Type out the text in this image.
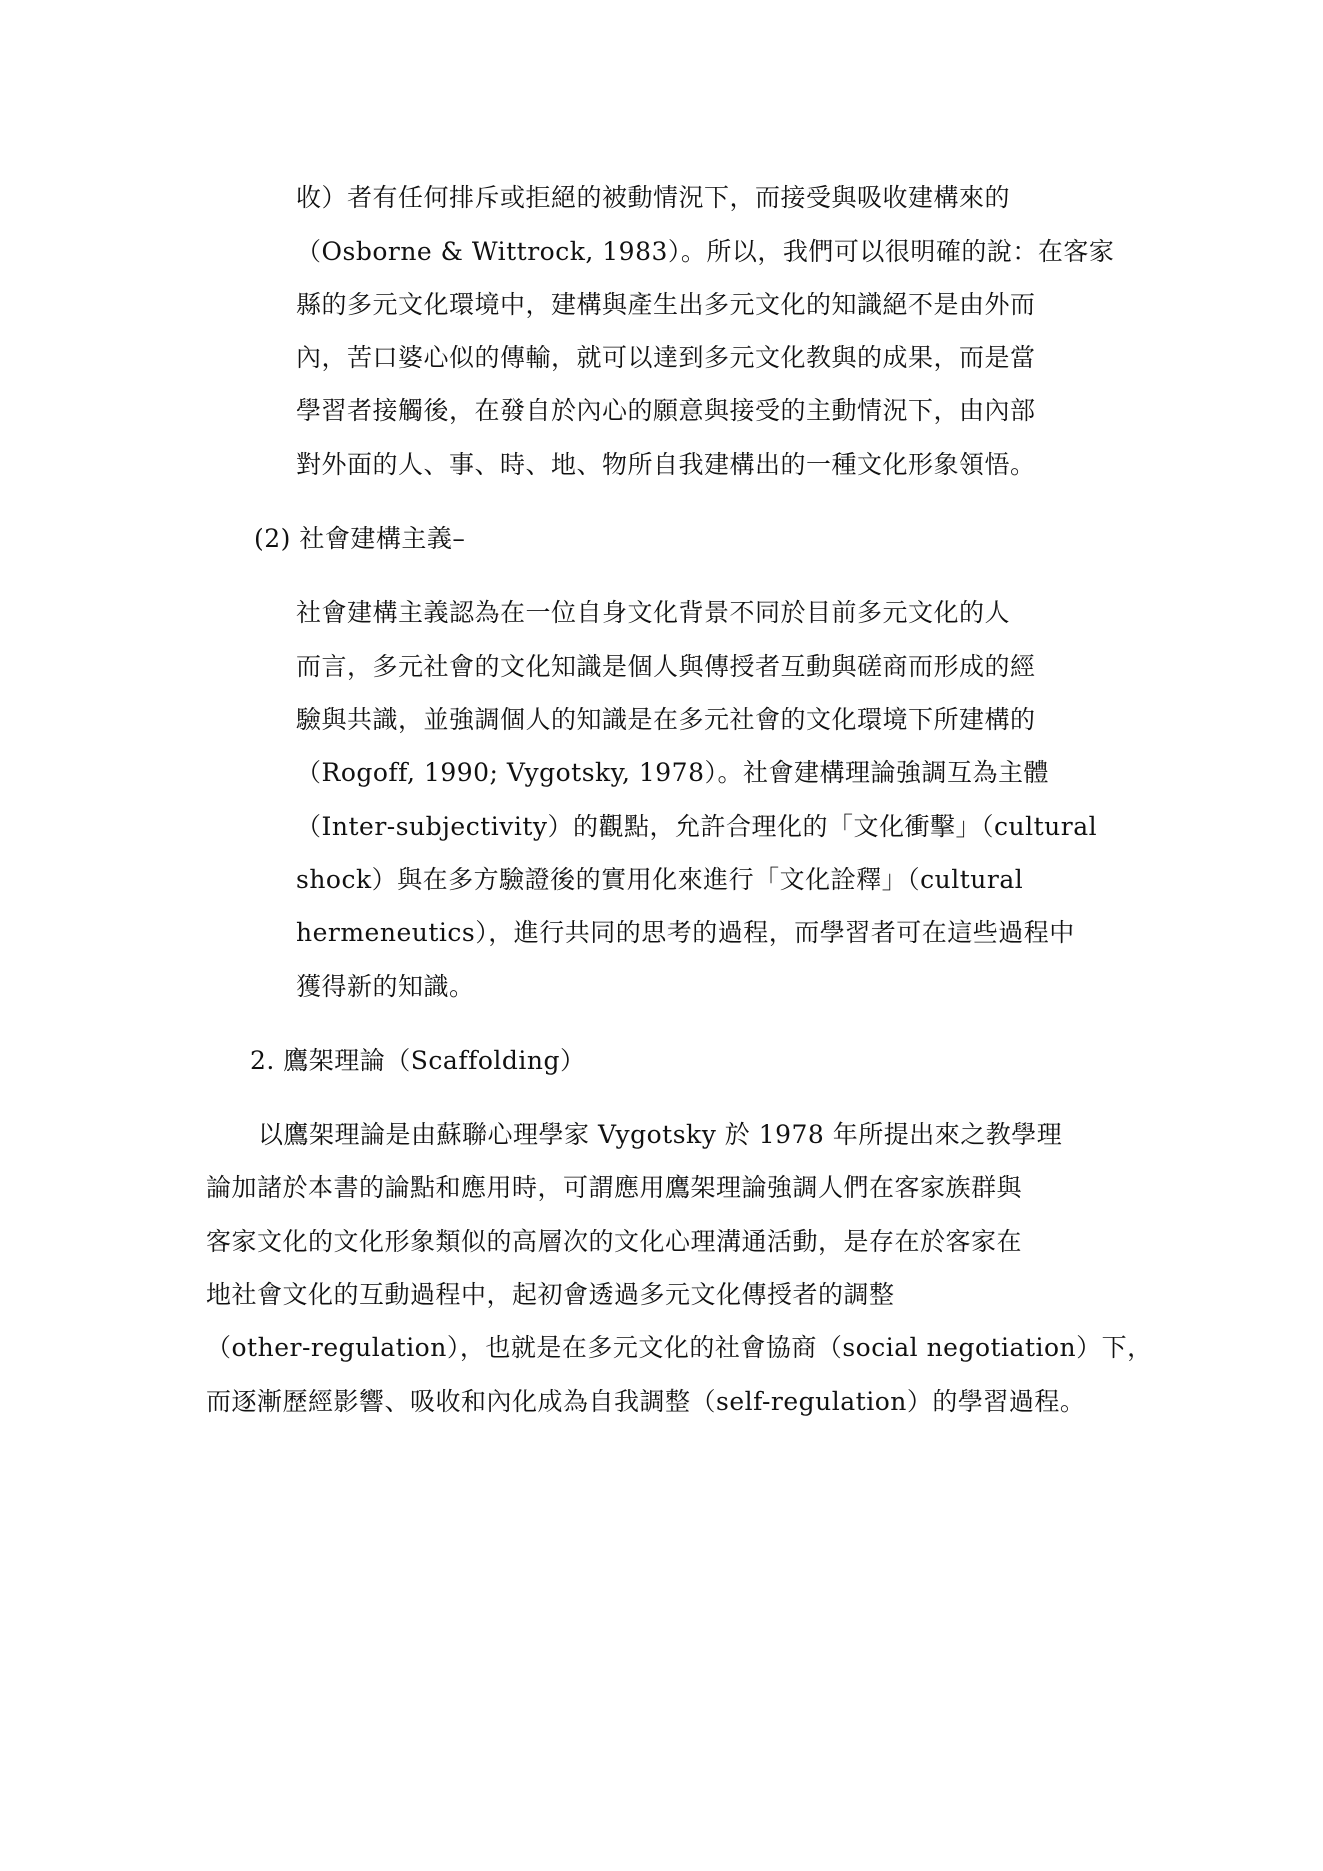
收）者有任何排斥或拒絕的被動情況下，而接受與吸收建構來的
（Osborne & Wittrock, 1983）。所以，我們可以很明確的說：在客家
縣的多元文化環境中，建構與產生出多元文化的知識絕不是由外而
內，苦口婆心似的傳輸，就可以達到多元文化教與的成果，而是當
學習者接觸後，在發自於內心的願意與接受的主動情況下，由內部
對外面的人、事、時、地、物所自我建構出的一種文化形象領悟。
(2) 社會建構主義–
社會建構主義認為在一位自身文化背景不同於目前多元文化的人
而言，多元社會的文化知識是個人與傳授者互動與磋商而形成的經
驗與共識，並強調個人的知識是在多元社會的文化環境下所建構的
（Rogoff, 1990; Vygotsky, 1978）。社會建構理論強調互為主體
（Inter-subjectivity）的觀點，允許合理化的「文化衝擊」（cultural
shock）與在多方驗證後的實用化來進行「文化詮釋」（cultural
hermeneutics），進行共同的思考的過程，而學習者可在這些過程中
獲得新的知識。
2. 鷹架理論（Scaffolding）
以鷹架理論是由蘇聯心理學家 Vygotsky 於 1978 年所提出來之教學理
論加諸於本書的論點和應用時，可謂應用鷹架理論強調人們在客家族群與
客家文化的文化形象類似的高層次的文化心理溝通活動，是存在於客家在
地社會文化的互動過程中，起初會透過多元文化傳授者的調整
（other-regulation），也就是在多元文化的社會協商（social negotiation）下，
而逐漸歷經影響、吸收和內化成為自我調整（self-regulation）的學習過程。
